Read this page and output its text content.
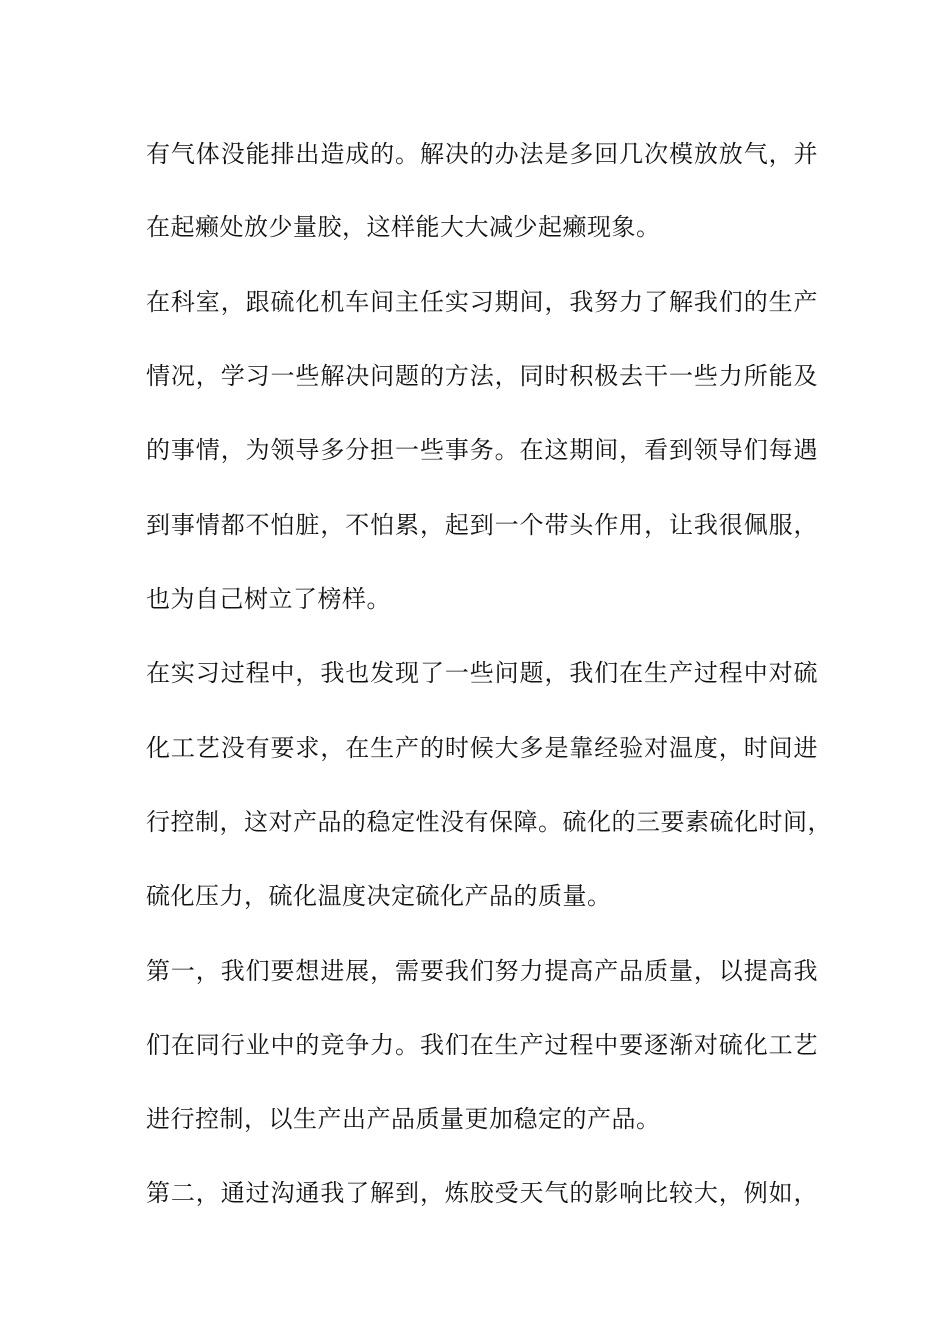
有气体没能排出造成的。解决的办法是多回几次模放放气，并

在起癞处放少量胶，这样能大大减少起癞现象。

在科室，跟硫化机车间主任实习期间，我努力了解我们的生产

情况，学习一些解决问题的方法，同时积极去干一些力所能及

的事情，为领导多分担一些事务。在这期间，看到领导们每遇

到事情都不怕脏，不怕累，起到一个带头作用，让我很佩服，

也为自己树立了榜样。

在实习过程中，我也发现了一些问题，我们在生产过程中对硫

化工艺没有要求，在生产的时候大多是靠经验对温度，时间进

行控制，这对产品的稳定性没有保障。硫化的三要素硫化时间，

硫化压力，硫化温度决定硫化产品的质量。

第一，我们要想进展，需要我们努力提高产品质量，以提高我

们在同行业中的竞争力。我们在生产过程中要逐渐对硫化工艺

进行控制，以生产出产品质量更加稳定的产品。

第二，通过沟通我了解到，炼胶受天气的影响比较大，例如，
